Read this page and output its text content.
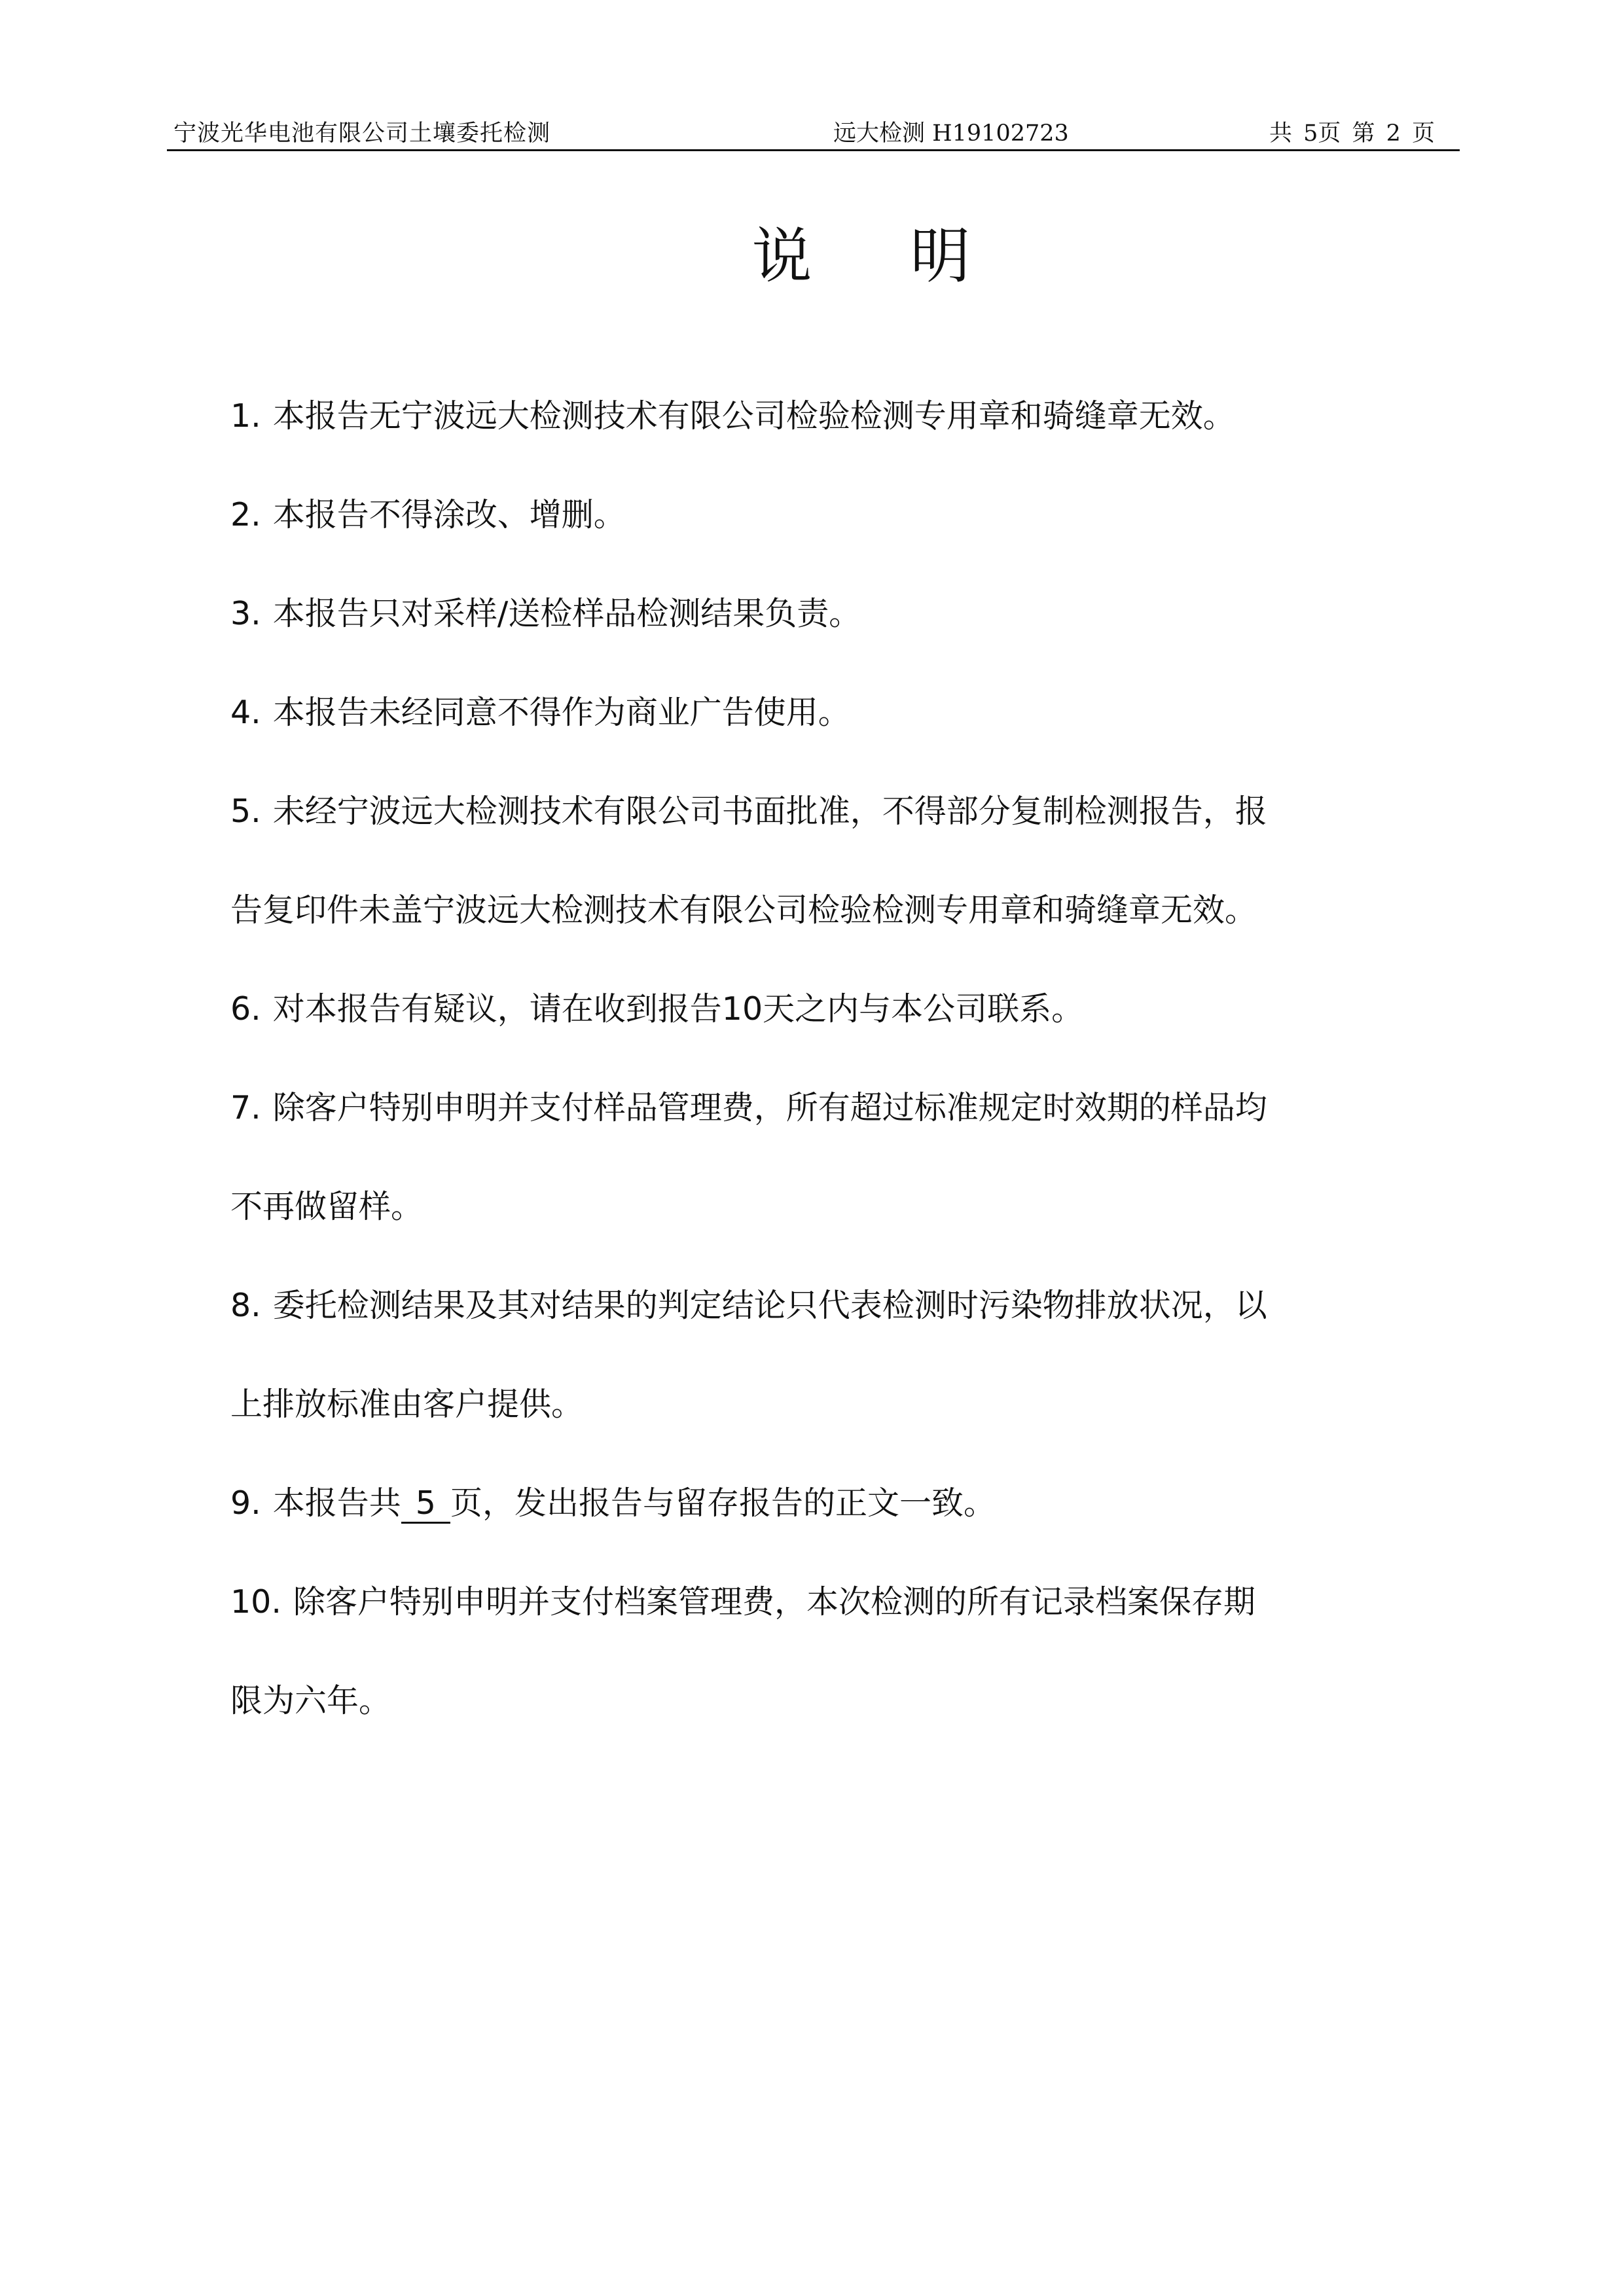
宁波光华电池有限公司土壤委托检测	远大检测 H19102723	共 5页 第 2 页
说明

1. 本报告无宁波远大检测技术有限公司检验检测专用章和骑缝章无效。

2. 本报告不得涂改、增删。

3. 本报告只对采样/送检样品检测结果负责。

4. 本报告未经同意不得作为商业广告使用。

5. 未经宁波远大检测技术有限公司书面批准，不得部分复制检测报告，报

告复印件未盖宁波远大检测技术有限公司检验检测专用章和骑缝章无效。

6. 对本报告有疑议，请在收到报告10天之内与本公司联系。

7. 除客户特别申明并支付样品管理费，所有超过标准规定时效期的样品均

不再做留样。

8. 委托检测结果及其对结果的判定结论只代表检测时污染物排放状况，以

上排放标准由客户提供。

9. 本报告共 5 页，发出报告与留存报告的正文一致。

10. 除客户特别申明并支付档案管理费，本次检测的所有记录档案保存期

限为六年。
